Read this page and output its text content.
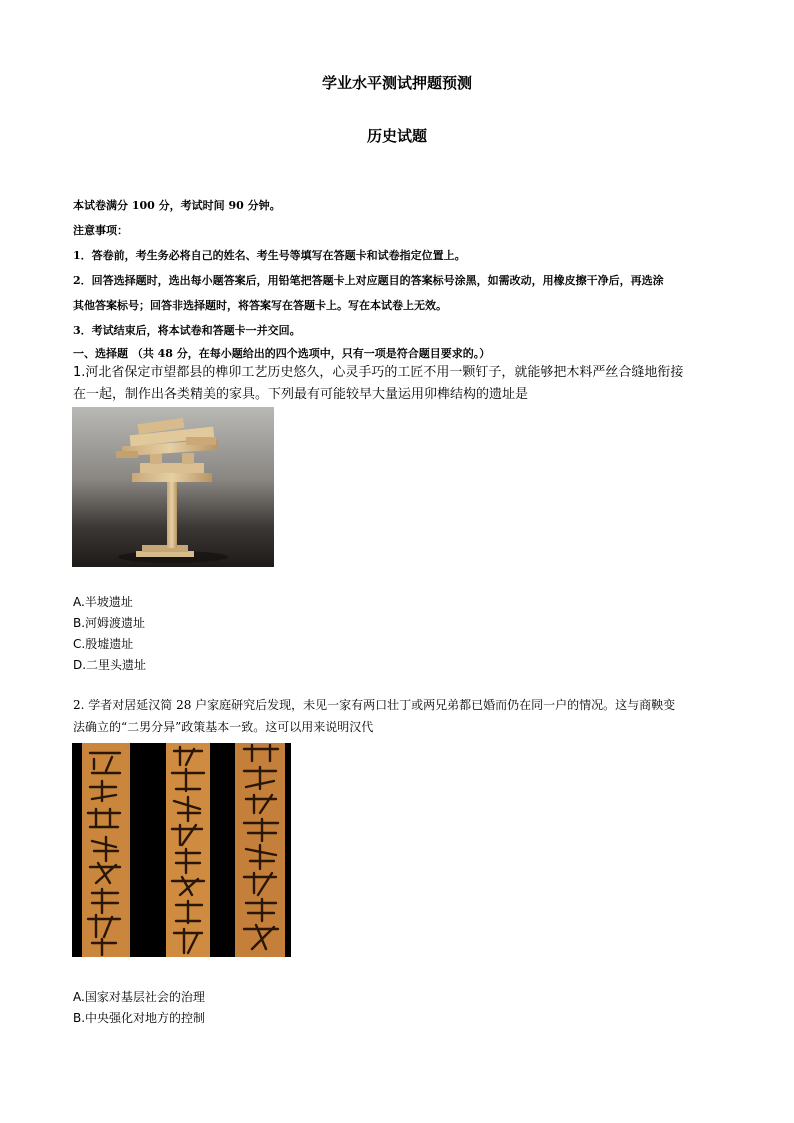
学业水平测试押题预测
历史试题
本试卷满分 100 分，考试时间 90 分钟。
注意事项：
1．答卷前，考生务必将自己的姓名、考生号等填写在答题卡和试卷指定位置上。
2．回答选择题时，选出每小题答案后，用铅笔把答题卡上对应题目的答案标号涂黑，如需改动，用橡皮擦干净后，再选涂
其他答案标号；回答非选择题时，将答案写在答题卡上。写在本试卷上无效。
3．考试结束后，将本试卷和答题卡一并交回。
一、选择题 （共 48 分，在每小题给出的四个选项中，只有一项是符合题目要求的。）
1.河北省保定市望都县的榫卯工艺历史悠久，心灵手巧的工匠不用一颗钉子，就能够把木料严丝合缝地衔接
在一起，制作出各类精美的家具。下列最有可能较早大量运用卯榫结构的遗址是
A.半坡遗址
B.河姆渡遗址
C.殷墟遗址
D.二里头遗址
2. 学者对居延汉简 28 户家庭研究后发现，未见一家有两口壮丁或两兄弟都已婚而仍在同一户的情况。这与商鞅变
法确立的“二男分异”政策基本一致。这可以用来说明汉代
A.国家对基层社会的治理
B.中央强化对地方的控制
